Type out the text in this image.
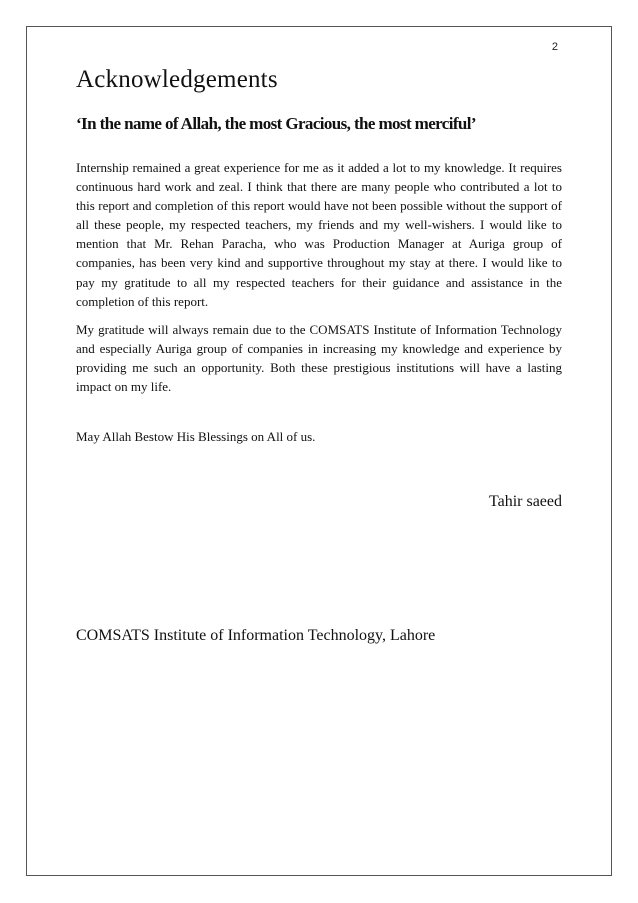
2
Acknowledgements
‘In the name of Allah, the most Gracious, the most merciful’

Internship remained a great experience for me as it added a lot to my knowledge. It requires continuous hard work and zeal. I think that there are many people who contributed a lot to this report and completion of this report would have not been possible without the support of all these people, my respected teachers, my friends and my well-wishers. I would like to mention that Mr. Rehan Paracha, who was Production Manager at Auriga group of companies, has been very kind and supportive throughout my stay at there. I would like to pay my gratitude to all my respected teachers for their guidance and assistance in the completion of this report.

My gratitude will always remain due to the COMSATS Institute of Information Technology and especially Auriga group of companies in increasing my knowledge and experience by providing me such an opportunity. Both these prestigious institutions will have a lasting impact on my life.

May Allah Bestow His Blessings on All of us.

Tahir saeed

COMSATS Institute of Information Technology, Lahore
